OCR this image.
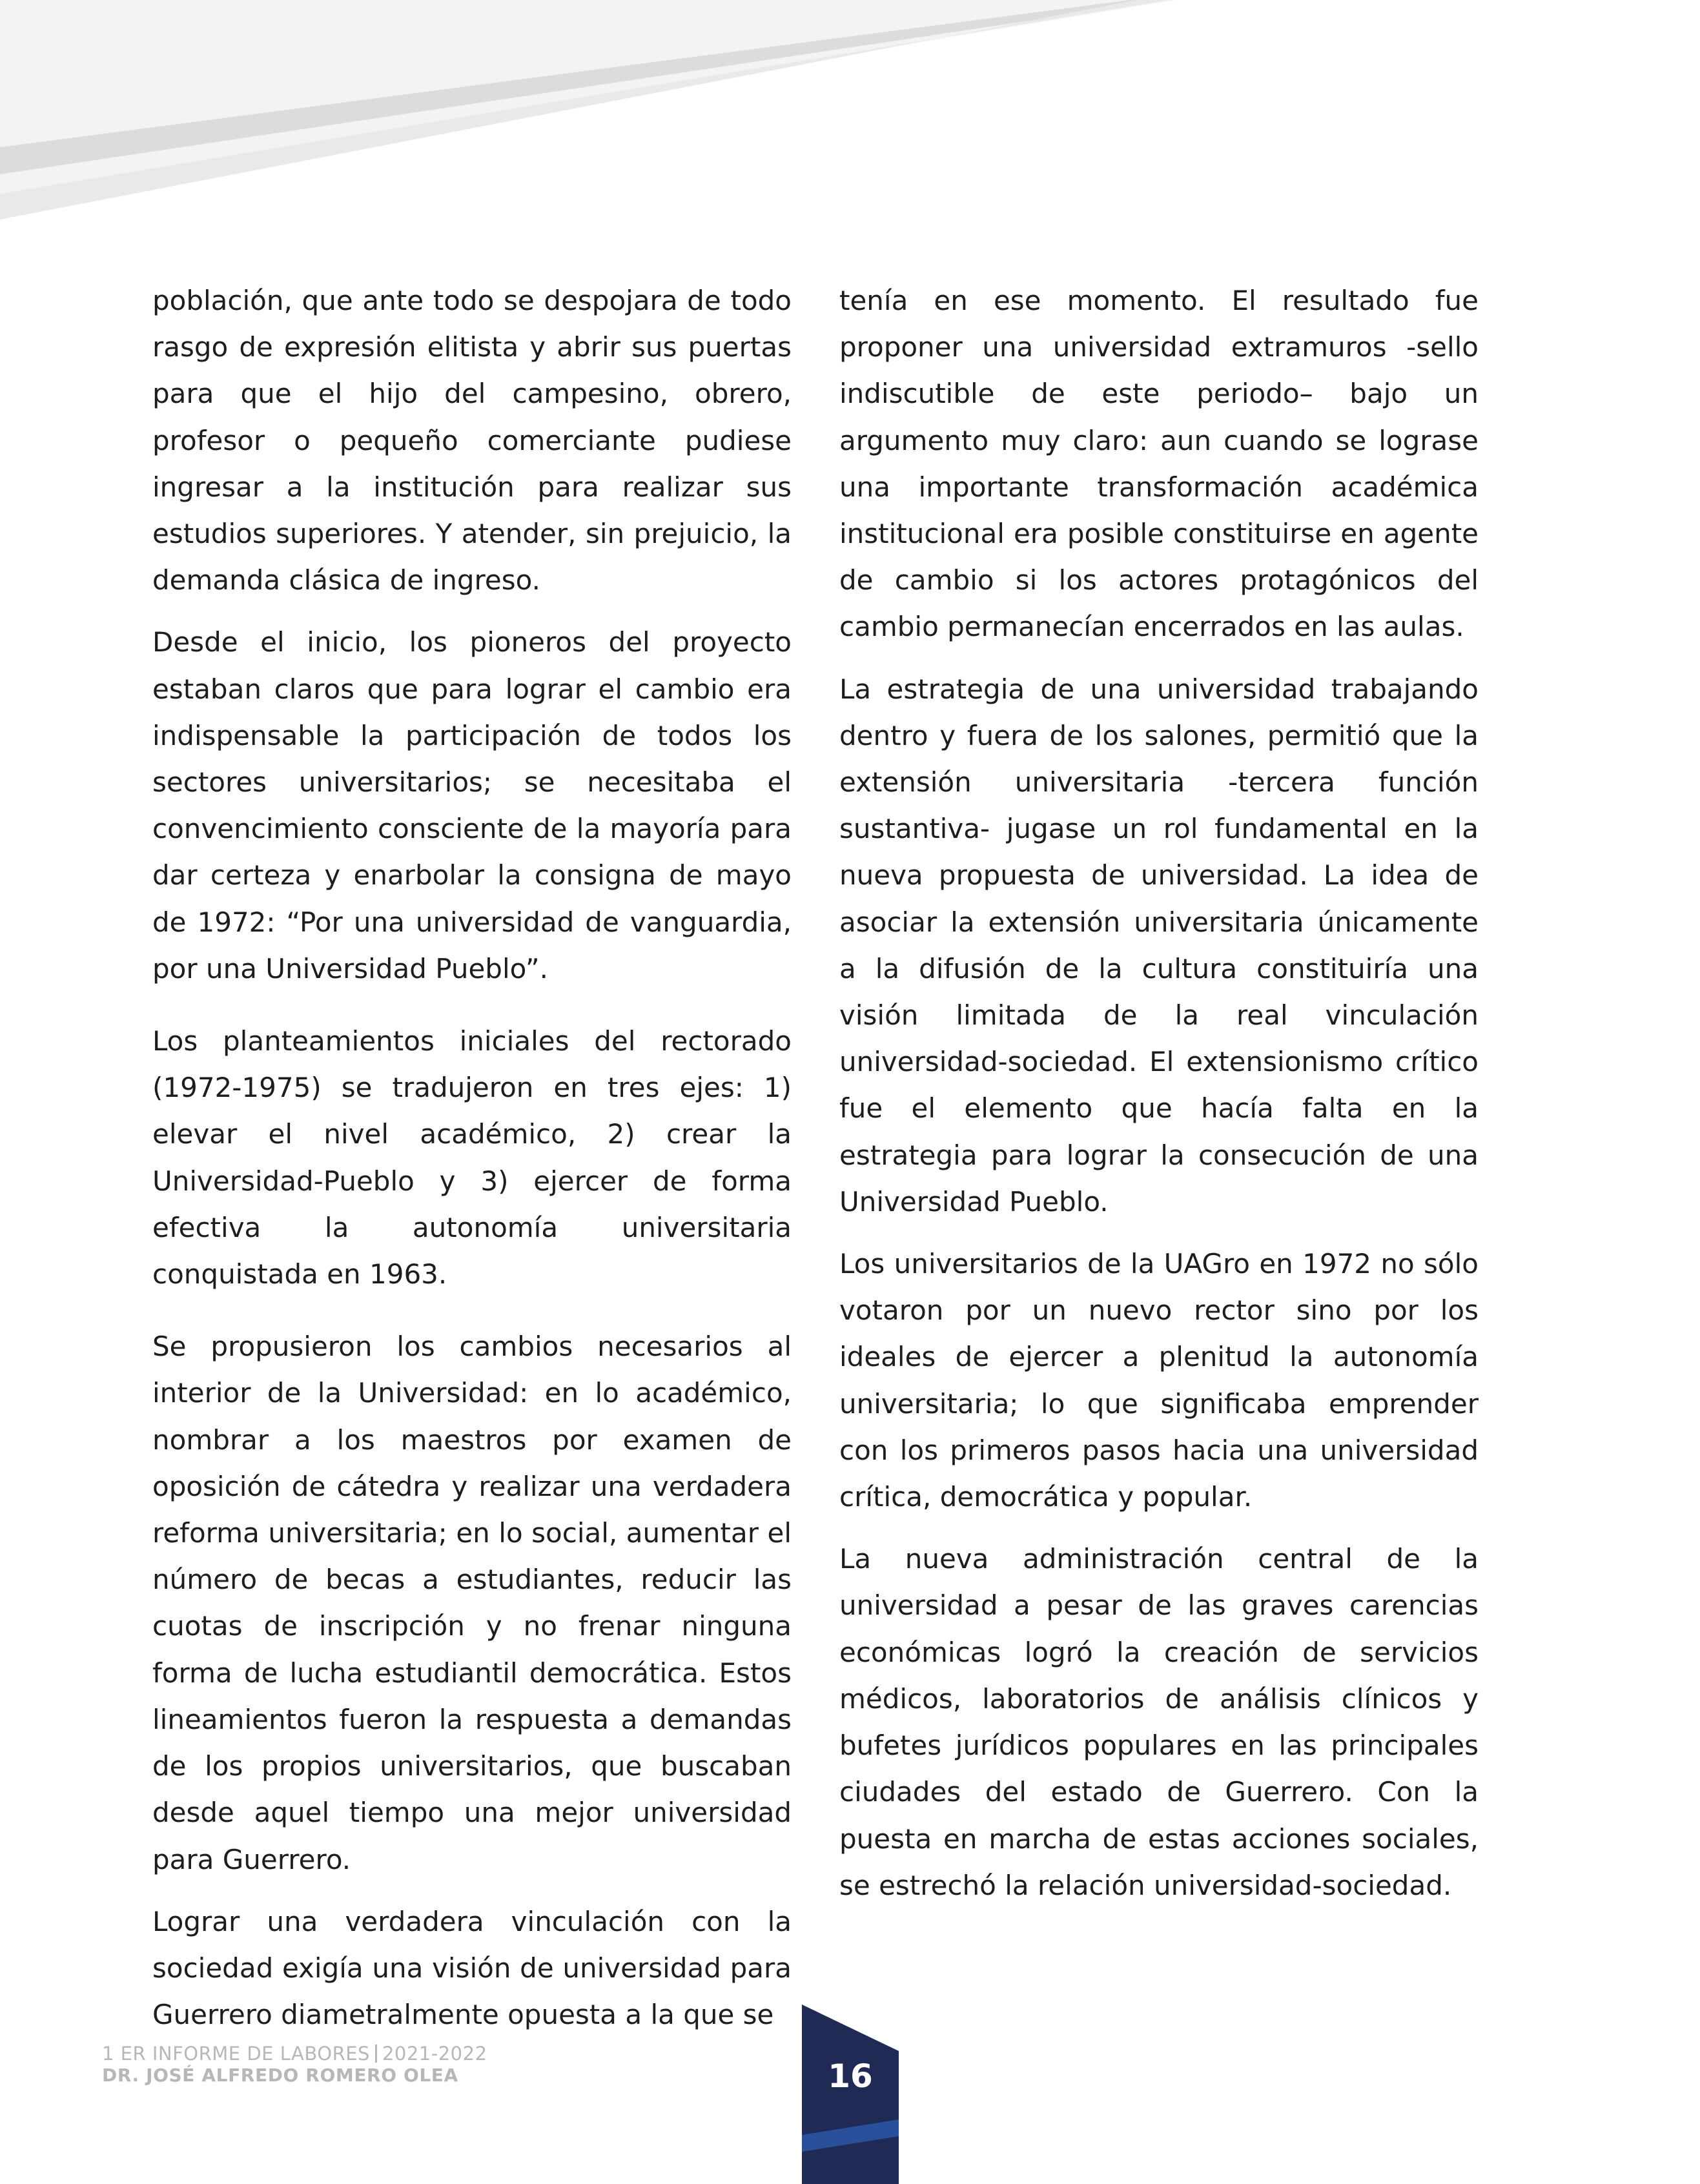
población, que ante todo se despojara de todo rasgo de expresión elitista y abrir sus puertas para que el hijo del campesino, obrero, profesor o pequeño comerciante pudiese ingresar a la institución para realizar sus estudios superiores. Y atender, sin prejuicio, la demanda clásica de ingreso.

Desde el inicio, los pioneros del proyecto estaban claros que para lograr el cambio era indispensable la participación de todos los sectores universitarios; se necesitaba el convencimiento consciente de la mayoría para dar certeza y enarbolar la consigna de mayo de 1972: “Por una universidad de vanguardia, por una Universidad Pueblo”.

Los planteamientos iniciales del rectorado (1972-1975) se tradujeron en tres ejes: 1) elevar el nivel académico, 2) crear la Universidad-Pueblo y 3) ejercer de forma efectiva la autonomía universitaria conquistada en 1963.

Se propusieron los cambios necesarios al interior de la Universidad: en lo académico, nombrar a los maestros por examen de oposición de cátedra y realizar una verdadera reforma universitaria; en lo social, aumentar el número de becas a estudiantes, reducir las cuotas de inscripción y no frenar ninguna forma de lucha estudiantil democrática. Estos lineamientos fueron la respuesta a demandas de los propios universitarios, que buscaban desde aquel tiempo una mejor universidad para Guerrero.

Lograr una verdadera vinculación con la sociedad exigía una visión de universidad para Guerrero diametralmente opuesta a la que se

tenía en ese momento. El resultado fue proponer una universidad extramuros -sello indiscutible de este periodo– bajo un argumento muy claro: aun cuando se lograse una importante transformación académica institucional era posible constituirse en agente de cambio si los actores protagónicos del cambio permanecían encerrados en las aulas.

La estrategia de una universidad trabajando dentro y fuera de los salones, permitió que la extensión universitaria -tercera función sustantiva- jugase un rol fundamental en la nueva propuesta de universidad. La idea de asociar la extensión universitaria únicamente a la difusión de la cultura constituiría una visión limitada de la real vinculación universidad-sociedad. El extensionismo crítico fue el elemento que hacía falta en la estrategia para lograr la consecución de una Universidad Pueblo.

Los universitarios de la UAGro en 1972 no sólo votaron por un nuevo rector sino por los ideales de ejercer a plenitud la autonomía universitaria; lo que significaba emprender con los primeros pasos hacia una universidad crítica, democrática y popular.

La nueva administración central de la universidad a pesar de las graves carencias económicas logró la creación de servicios médicos, laboratorios de análisis clínicos y bufetes jurídicos populares en las principales ciudades del estado de Guerrero. Con la puesta en marcha de estas acciones sociales, se estrechó la relación universidad-sociedad.

1 ER INFORME DE LABORES 2021-2022
DR. JOSÉ ALFREDO ROMERO OLEA	16
